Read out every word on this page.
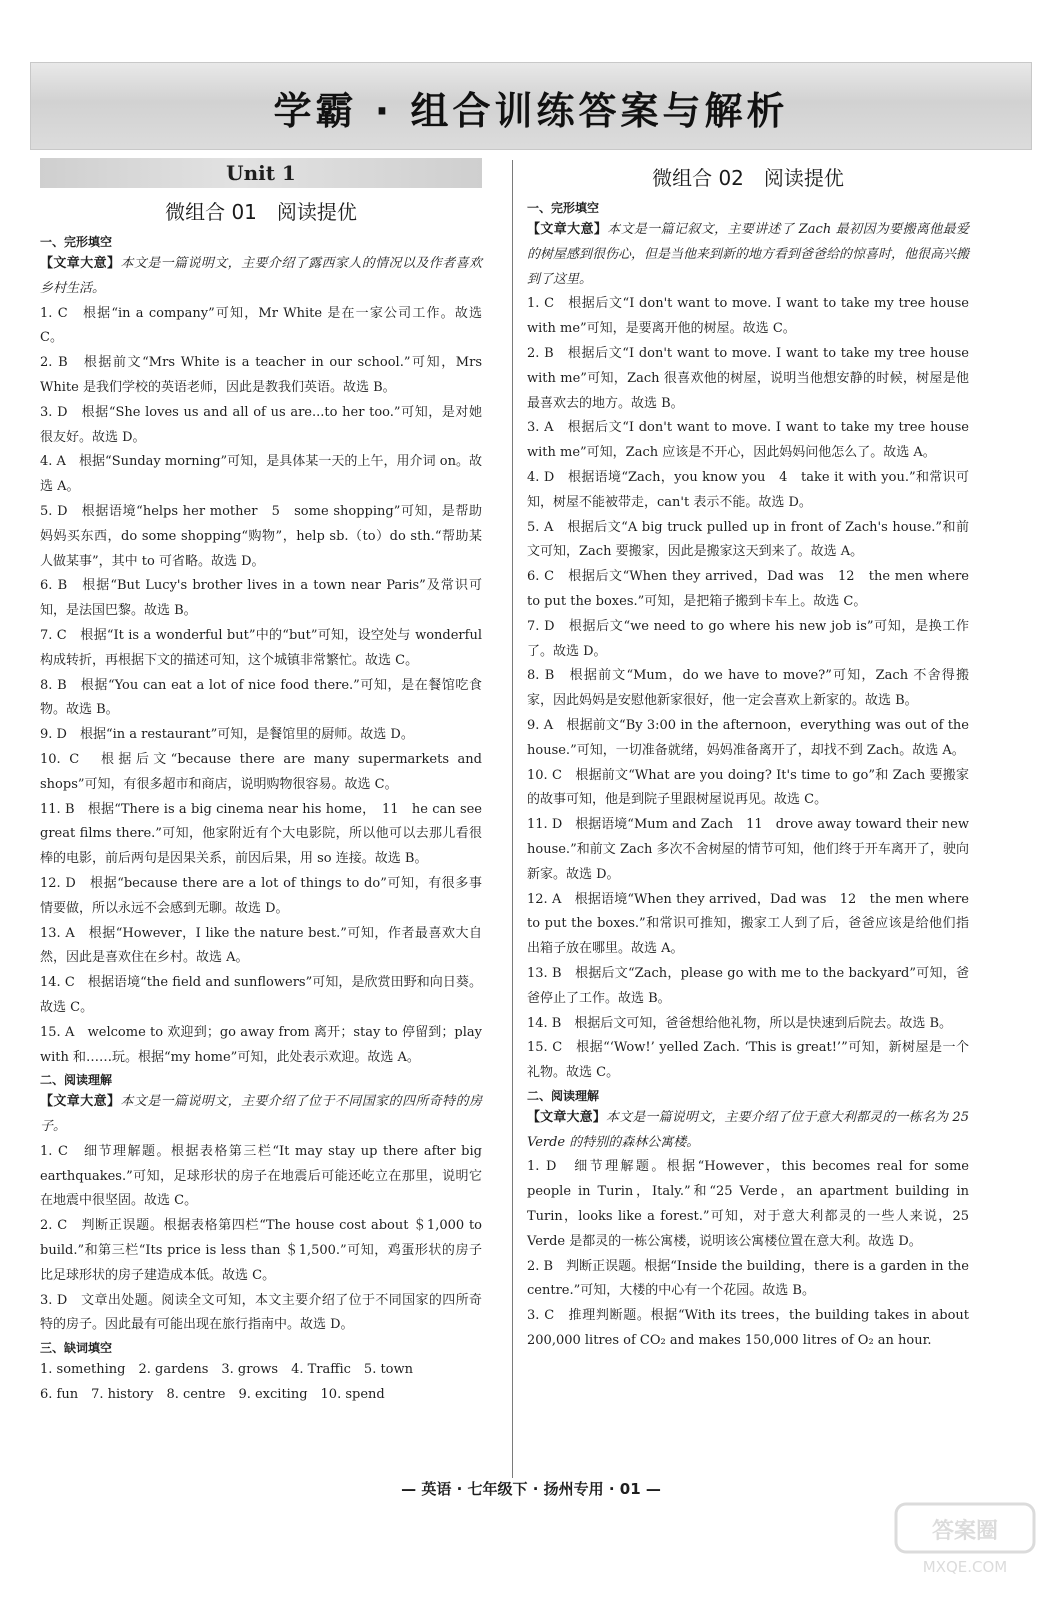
学霸 · 组合训练答案与解析
Unit 1
微组合 01　阅读提优
一、完形填空
【文章大意】本文是一篇说明文，主要介绍了露西家人的情况以及作者喜欢乡村生活。
1. C　根据“in a company”可知，Mr White 是在一家公司工作。故选 C。
2. B　根据前文“Mrs White is a teacher in our school.”可知，Mrs White 是我们学校的英语老师，因此是教我们英语。故选 B。
3. D　根据“She loves us and all of us are...to her too.”可知，是对她很友好。故选 D。
4. A　根据“Sunday morning”可知，是具体某一天的上午，用介词 on。故选 A。
5. D　根据语境“helps her mother　5　some shopping”可知，是帮助妈妈买东西，do some shopping“购物”，help sb.（to）do sth.“帮助某人做某事”，其中 to 可省略。故选 D。
6. B　根据“But Lucy's brother lives in a town near Paris”及常识可知，是法国巴黎。故选 B。
7. C　根据“It is a wonderful but”中的“but”可知，设空处与 wonderful 构成转折，再根据下文的描述可知，这个城镇非常繁忙。故选 C。
8. B　根据“You can eat a lot of nice food there.”可知，是在餐馆吃食物。故选 B。
9. D　根据“in a restaurant”可知，是餐馆里的厨师。故选 D。
10. C　根据后文“because there are many supermarkets and shops”可知，有很多超市和商店，说明购物很容易。故选 C。
11. B　根据“There is a big cinema near his home，　11　he can see great films there.”可知，他家附近有个大电影院，所以他可以去那儿看很棒的电影，前后两句是因果关系，前因后果，用 so 连接。故选 B。
12. D　根据“because there are a lot of things to do”可知，有很多事情要做，所以永远不会感到无聊。故选 D。
13. A　根据“However，I like the nature best.”可知，作者最喜欢大自然，因此是喜欢住在乡村。故选 A。
14. C　根据语境“the field and sunflowers”可知，是欣赏田野和向日葵。故选 C。
15. A　welcome to 欢迎到；go away from 离开；stay to 停留到；play with 和……玩。根据“my home”可知，此处表示欢迎。故选 A。
二、阅读理解
【文章大意】本文是一篇说明文，主要介绍了位于不同国家的四所奇特的房子。
1. C　细节理解题。根据表格第三栏“It may stay up there after big earthquakes.”可知，足球形状的房子在地震后可能还屹立在那里，说明它在地震中很坚固。故选 C。
2. C　判断正误题。根据表格第四栏“The house cost about ＄1,000 to build.”和第三栏“Its price is less than ＄1,500.”可知，鸡蛋形状的房子比足球形状的房子建造成本低。故选 C。
3. D　文章出处题。阅读全文可知，本文主要介绍了位于不同国家的四所奇特的房子。因此最有可能出现在旅行指南中。故选 D。
三、缺词填空
1. something　2. gardens　3. grows　4. Traffic　5. town
6. fun　7. history　8. centre　9. exciting　10. spend
微组合 02　阅读提优
一、完形填空
【文章大意】本文是一篇记叙文，主要讲述了 Zach 最初因为要搬离他最爱的树屋感到很伤心，但是当他来到新的地方看到爸爸给的惊喜时，他很高兴搬到了这里。
1. C　根据后文“I don't want to move. I want to take my tree house with me”可知，是要离开他的树屋。故选 C。
2. B　根据后文“I don't want to move. I want to take my tree house with me”可知，Zach 很喜欢他的树屋，说明当他想安静的时候，树屋是他最喜欢去的地方。故选 B。
3. A　根据后文“I don't want to move. I want to take my tree house with me”可知，Zach 应该是不开心，因此妈妈问他怎么了。故选 A。
4. D　根据语境“Zach，you know you　4　take it with you.”和常识可知，树屋不能被带走，can't 表示不能。故选 D。
5. A　根据后文“A big truck pulled up in front of Zach's house.”和前文可知，Zach 要搬家，因此是搬家这天到来了。故选 A。
6. C　根据后文“When they arrived，Dad was　12　the men where to put the boxes.”可知，是把箱子搬到卡车上。故选 C。
7. D　根据后文“we need to go where his new job is”可知，是换工作了。故选 D。
8. B　根据前文“Mum，do we have to move?”可知，Zach 不舍得搬家，因此妈妈是安慰他新家很好，他一定会喜欢上新家的。故选 B。
9. A　根据前文“By 3:00 in the afternoon，everything was out of the house.”可知，一切准备就绪，妈妈准备离开了，却找不到 Zach。故选 A。
10. C　根据前文“What are you doing? It's time to go”和 Zach 要搬家的故事可知，他是到院子里跟树屋说再见。故选 C。
11. D　根据语境“Mum and Zach　11　drove away toward their new house.”和前文 Zach 多次不舍树屋的情节可知，他们终于开车离开了，驶向新家。故选 D。
12. A　根据语境“When they arrived，Dad was　12　the men where to put the boxes.”和常识可推知，搬家工人到了后，爸爸应该是给他们指出箱子放在哪里。故选 A。
13. B　根据后文“Zach，please go with me to the backyard”可知，爸爸停止了工作。故选 B。
14. B　根据后文可知，爸爸想给他礼物，所以是快速到后院去。故选 B。
15. C　根据“‘Wow!’ yelled Zach. ‘This is great!’”可知，新树屋是一个礼物。故选 C。
二、阅读理解
【文章大意】本文是一篇说明文，主要介绍了位于意大利都灵的一栋名为 25 Verde 的特别的森林公寓楼。
1. D　细节理解题。根据“However，this becomes real for some people in Turin，Italy.”和“25 Verde，an apartment building in Turin，looks like a forest.”可知，对于意大利都灵的一些人来说，25 Verde 是都灵的一栋公寓楼，说明该公寓楼位置在意大利。故选 D。
2. B　判断正误题。根据“Inside the building，there is a garden in the centre.”可知，大楼的中心有一个花园。故选 B。
3. C　推理判断题。根据“With its trees，the building takes in about 200,000 litres of CO₂ and makes 150,000 litres of O₂ an hour.
— 英语 · 七年级下 · 扬州专用 · 01 —
答案圈
MXQE.COM
